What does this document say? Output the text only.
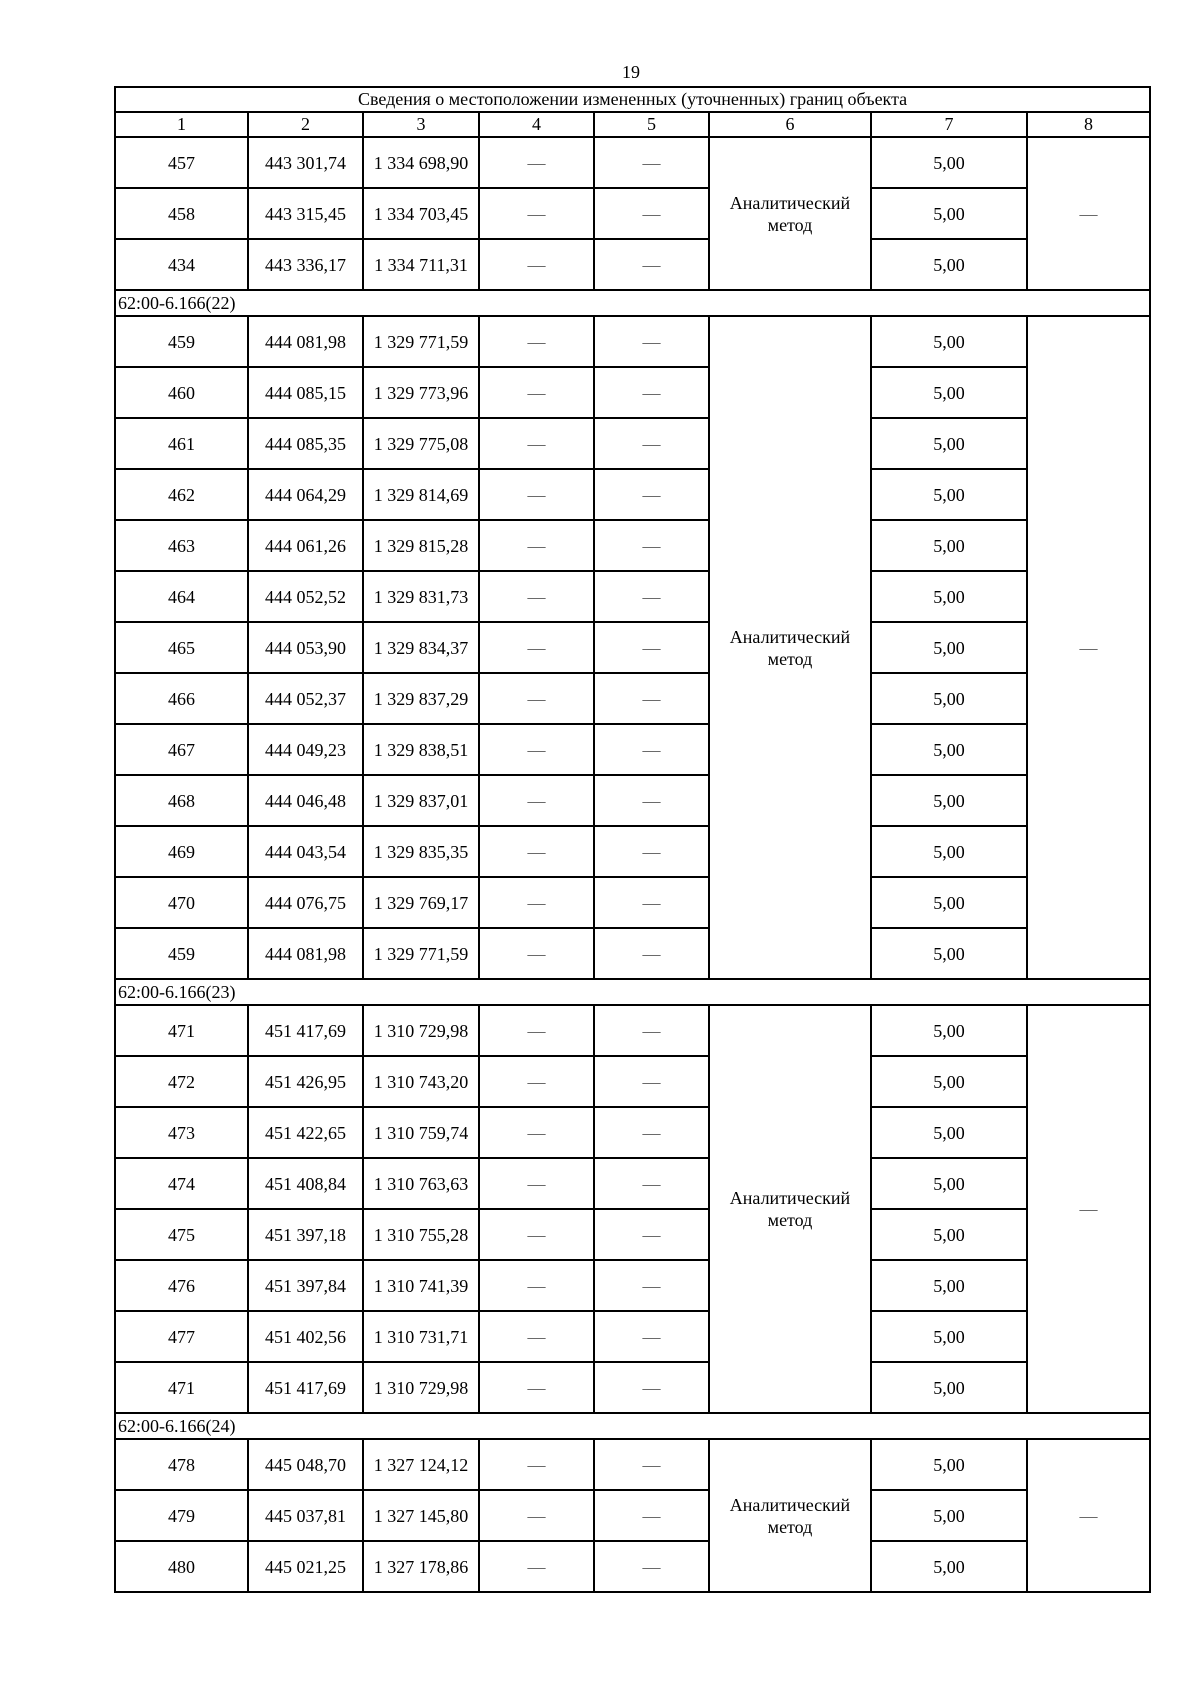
19
Сведения о местоположении измененных (уточненных) границ объекта							
1	2	3	4	5	6	7	8
457	443 301,74	1 334 698,90	—	—	Аналитический метод	5,00	—
458	443 315,45	1 334 703,45	—	—		5,00	
434	443 336,17	1 334 711,31	—	—		5,00	
62:00-6.166(22)							
459	444 081,98	1 329 771,59	—	—	Аналитический метод	5,00	—
460	444 085,15	1 329 773,96	—	—		5,00	
461	444 085,35	1 329 775,08	—	—		5,00	
462	444 064,29	1 329 814,69	—	—		5,00	
463	444 061,26	1 329 815,28	—	—		5,00	
464	444 052,52	1 329 831,73	—	—		5,00	
465	444 053,90	1 329 834,37	—	—		5,00	
466	444 052,37	1 329 837,29	—	—		5,00	
467	444 049,23	1 329 838,51	—	—		5,00	
468	444 046,48	1 329 837,01	—	—		5,00	
469	444 043,54	1 329 835,35	—	—		5,00	
470	444 076,75	1 329 769,17	—	—		5,00	
459	444 081,98	1 329 771,59	—	—		5,00	
62:00-6.166(23)							
471	451 417,69	1 310 729,98	—	—	Аналитический метод	5,00	—
472	451 426,95	1 310 743,20	—	—		5,00	
473	451 422,65	1 310 759,74	—	—		5,00	
474	451 408,84	1 310 763,63	—	—		5,00	
475	451 397,18	1 310 755,28	—	—		5,00	
476	451 397,84	1 310 741,39	—	—		5,00	
477	451 402,56	1 310 731,71	—	—		5,00	
471	451 417,69	1 310 729,98	—	—		5,00	
62:00-6.166(24)							
478	445 048,70	1 327 124,12	—	—	Аналитический метод	5,00	—
479	445 037,81	1 327 145,80	—	—		5,00	
480	445 021,25	1 327 178,86	—	—		5,00	
